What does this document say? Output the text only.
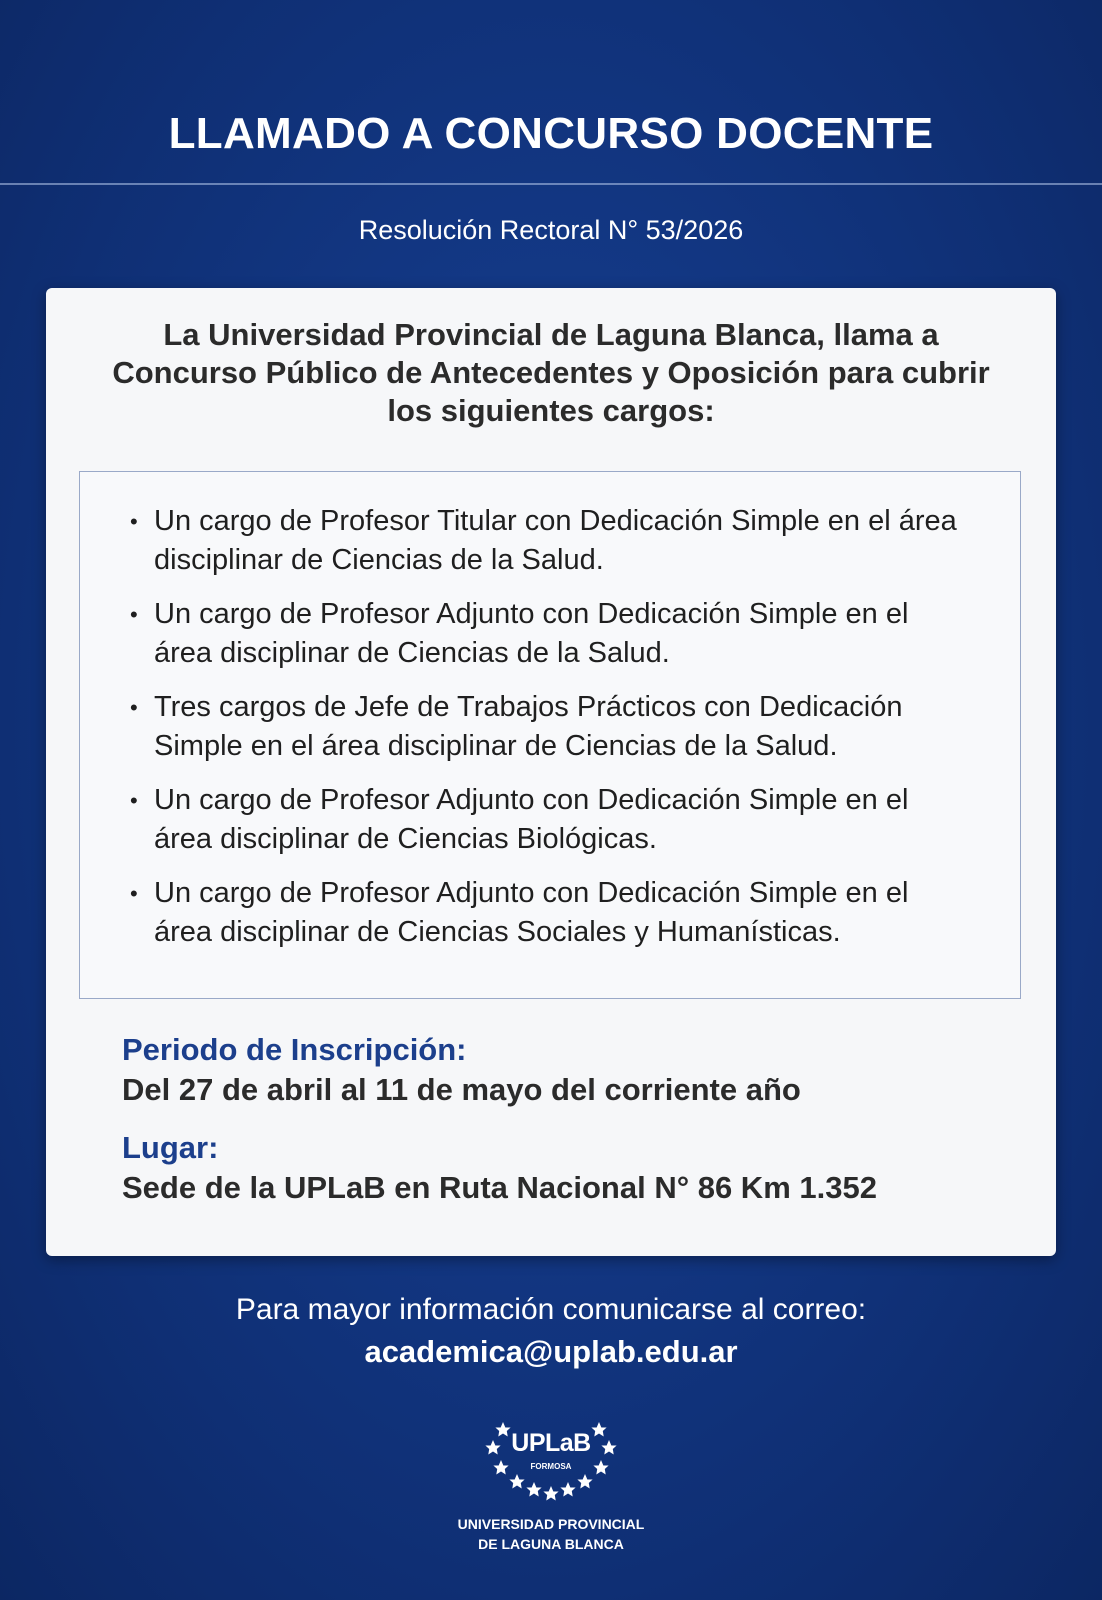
LLAMADO A CONCURSO DOCENTE
Resolución Rectoral N° 53/2026

La Universidad Provincial de Laguna Blanca, llama a Concurso Público de Antecedentes y Oposición para cubrir los siguientes cargos:

• Un cargo de Profesor Titular con Dedicación Simple en el área disciplinar de Ciencias de la Salud.
• Un cargo de Profesor Adjunto con Dedicación Simple en el área disciplinar de Ciencias de la Salud.
• Tres cargos de Jefe de Trabajos Prácticos con Dedicación Simple en el área disciplinar de Ciencias de la Salud.
• Un cargo de Profesor Adjunto con Dedicación Simple en el área disciplinar de Ciencias Biológicas.
• Un cargo de Profesor Adjunto con Dedicación Simple en el área disciplinar de Ciencias Sociales y Humanísticas.
Periodo de Inscripción:
Del 27 de abril al 11 de mayo del corriente año
Lugar:
Sede de la UPLaB en Ruta Nacional N° 86 Km 1.352
Para mayor información comunicarse al correo:
academica@uplab.edu.ar
UPLaB
FORMOSA
UNIVERSIDAD PROVINCIAL
DE LAGUNA BLANCA
